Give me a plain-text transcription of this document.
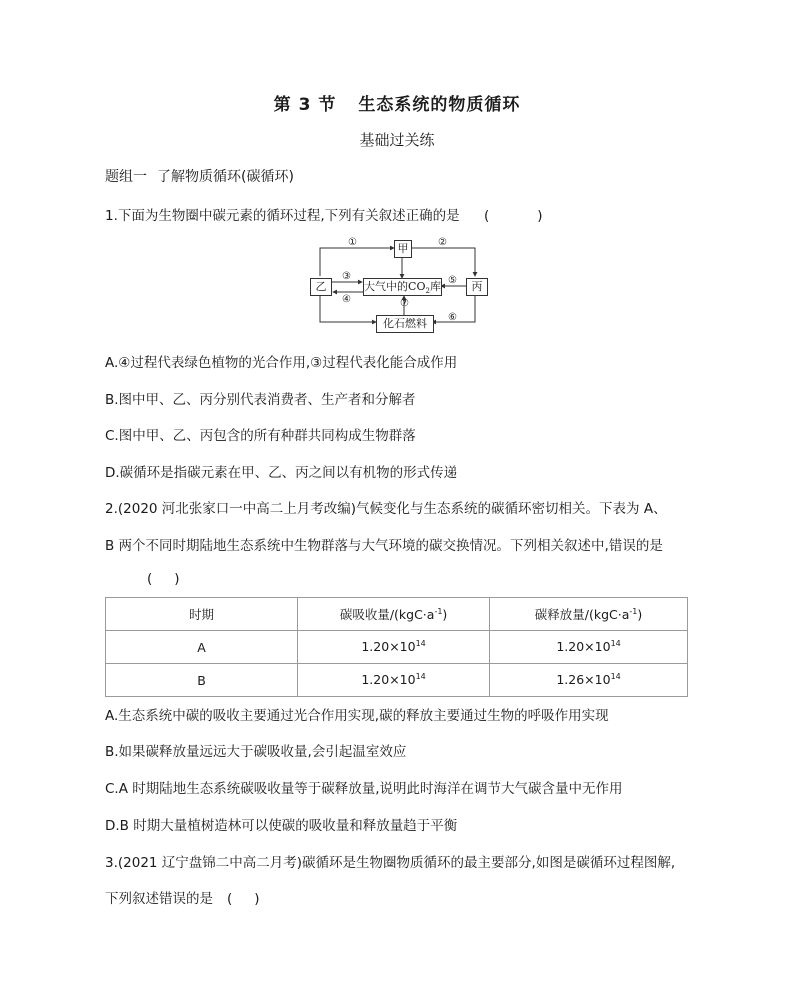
第 3 节 生态系统的物质循环
基础过关练
题组一 了解物质循环(碳循环)
1.下面为生物圈中碳元素的循环过程,下列有关叙述正确的是 (	)
甲
乙	丙
大气中的$CO_2$库
化石燃料
①	②
③
④
⑤
⑥
⑦
A.④过程代表绿色植物的光合作用,③过程代表化能合成作用
B.图中甲、乙、丙分别代表消费者、生产者和分解者
C.图中甲、乙、丙包含的所有种群共同构成生物群落
D.碳循环是指碳元素在甲、乙、丙之间以有机物的形式传递
2.(2020 河北张家口一中高二上月考改编)气候变化与生态系统的碳循环密切相关。下表为 A、
B 两个不同时期陆地生态系统中生物群落与大气环境的碳交换情况。下列相关叙述中,错误的是
( )
时期	碳吸收量$/(kgC\cdot a^{-1})$	碳释放量$/(kgC\cdot a^{-1})$
A	$1.20\times 10^{14}$	$1.20\times 10^{14}$
B	$1.20\times 10^{14}$	$1.26\times 10^{14}$
A.生态系统中碳的吸收主要通过光合作用实现,碳的释放主要通过生物的呼吸作用实现
B.如果碳释放量远远大于碳吸收量,会引起温室效应
C.A 时期陆地生态系统碳吸收量等于碳释放量,说明此时海洋在调节大气碳含量中无作用
D.B 时期大量植树造林可以使碳的吸收量和释放量趋于平衡
3.(2021 辽宁盘锦二中高二月考)碳循环是生物圈物质循环的最主要部分,如图是碳循环过程图解,
下列叙述错误的是 ( )
